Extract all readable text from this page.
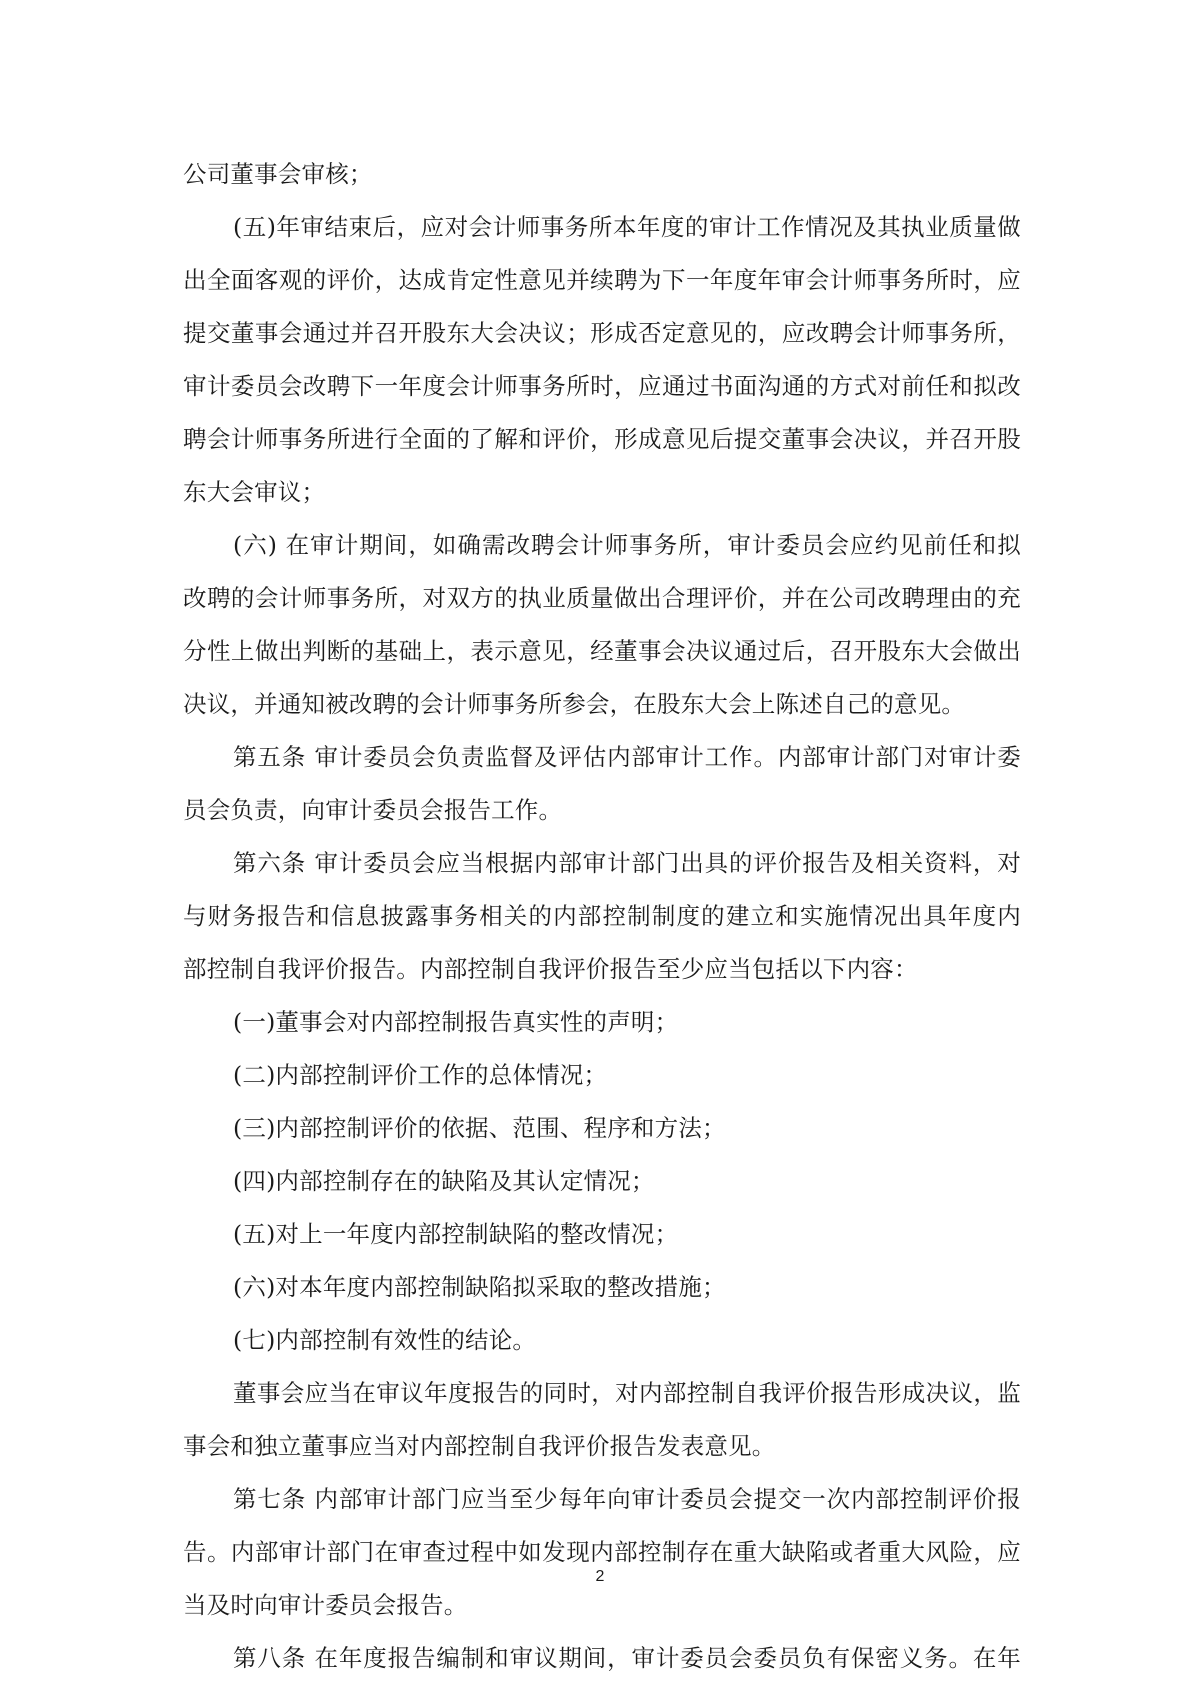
公司董事会审核；
(五)年审结束后，应对会计师事务所本年度的审计工作情况及其执业质量做
出全面客观的评价，达成肯定性意见并续聘为下一年度年审会计师事务所时，应
提交董事会通过并召开股东大会决议；形成否定意见的，应改聘会计师事务所，
审计委员会改聘下一年度会计师事务所时，应通过书面沟通的方式对前任和拟改
聘会计师事务所进行全面的了解和评价，形成意见后提交董事会决议，并召开股
东大会审议；
(六) 在审计期间，如确需改聘会计师事务所，审计委员会应约见前任和拟
改聘的会计师事务所，对双方的执业质量做出合理评价，并在公司改聘理由的充
分性上做出判断的基础上，表示意见，经董事会决议通过后，召开股东大会做出
决议，并通知被改聘的会计师事务所参会，在股东大会上陈述自己的意见。
第五条 审计委员会负责监督及评估内部审计工作。内部审计部门对审计委
员会负责，向审计委员会报告工作。
第六条 审计委员会应当根据内部审计部门出具的评价报告及相关资料，对
与财务报告和信息披露事务相关的内部控制制度的建立和实施情况出具年度内
部控制自我评价报告。内部控制自我评价报告至少应当包括以下内容：
(一)董事会对内部控制报告真实性的声明；
(二)内部控制评价工作的总体情况；
(三)内部控制评价的依据、范围、程序和方法；
(四)内部控制存在的缺陷及其认定情况；
(五)对上一年度内部控制缺陷的整改情况；
(六)对本年度内部控制缺陷拟采取的整改措施；
(七)内部控制有效性的结论。
董事会应当在审议年度报告的同时，对内部控制自我评价报告形成决议，监
事会和独立董事应当对内部控制自我评价报告发表意见。
第七条 内部审计部门应当至少每年向审计委员会提交一次内部控制评价报
告。内部审计部门在审查过程中如发现内部控制存在重大缺陷或者重大风险，应
当及时向审计委员会报告。
第八条 在年度报告编制和审议期间，审计委员会委员负有保密义务。在年
2
